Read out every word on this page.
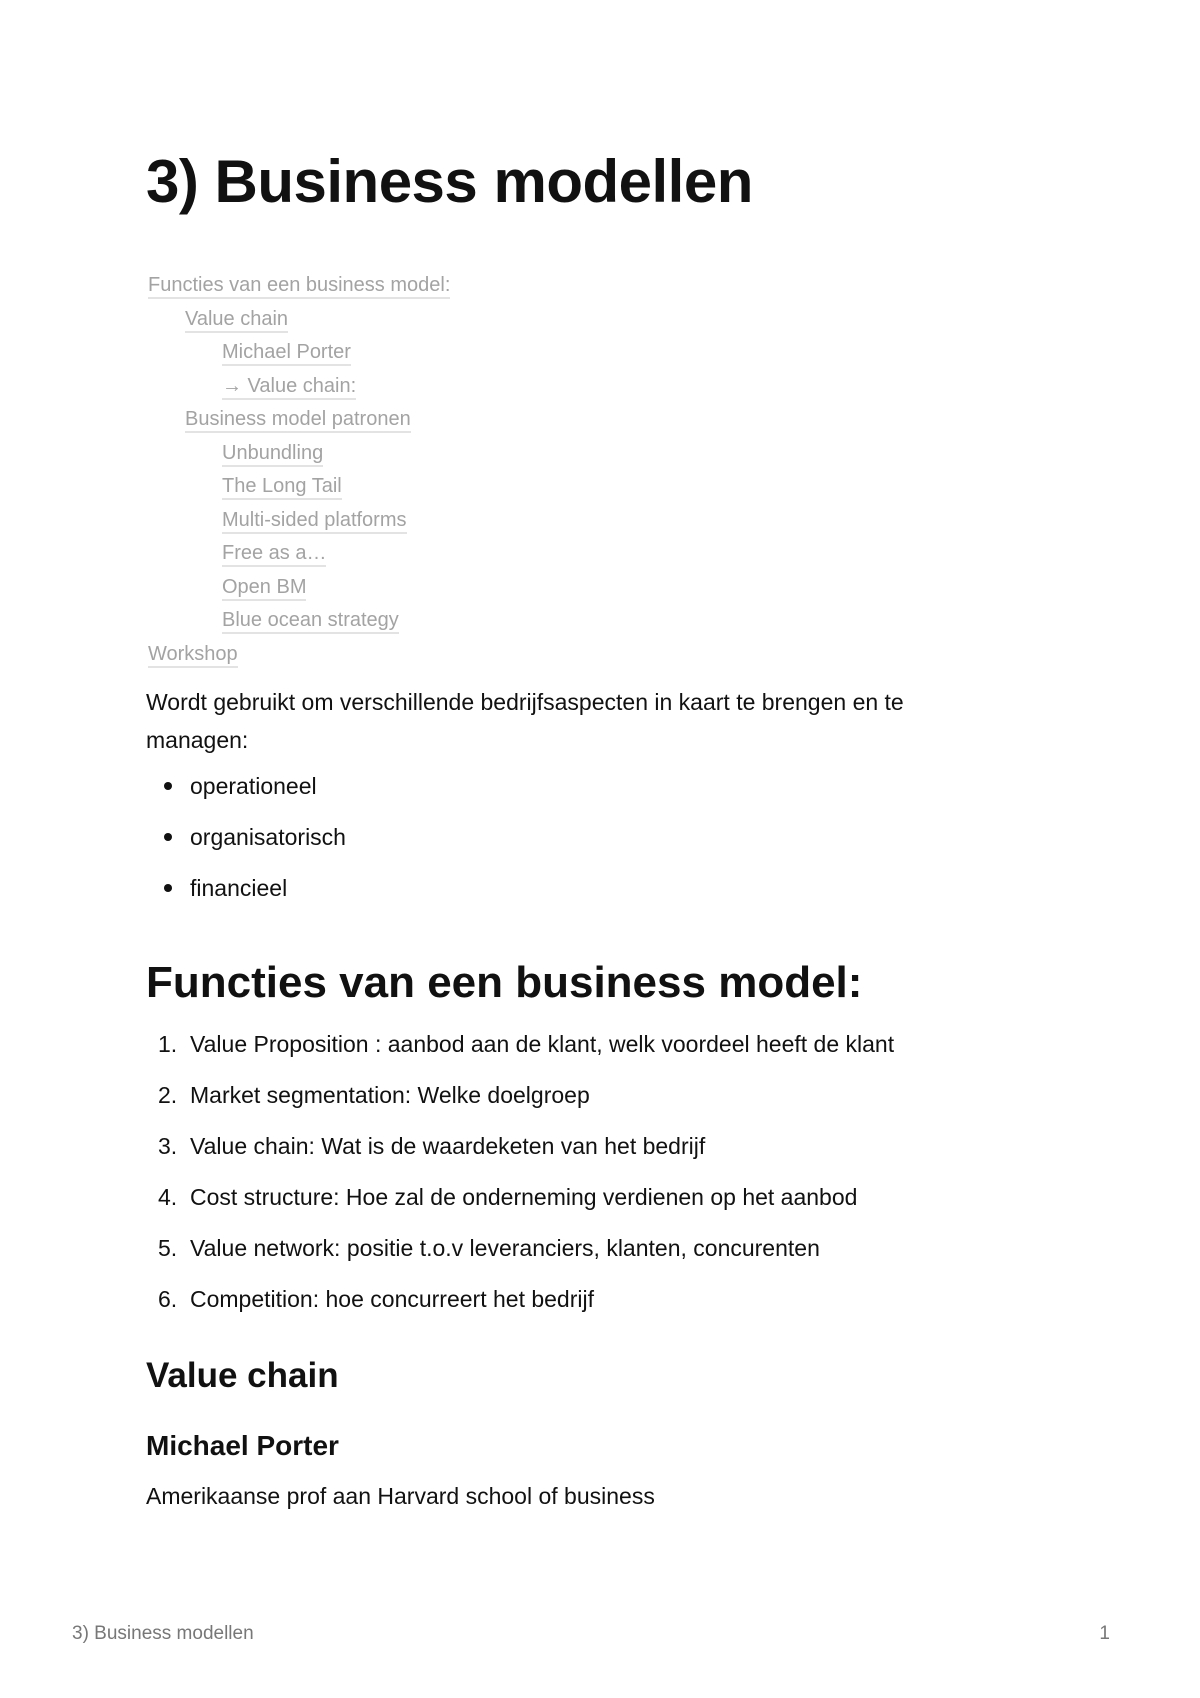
3) Business modellen
Functies van een business model:
Value chain
Michael Porter
→ Value chain:
Business model patronen
Unbundling
The Long Tail
Multi-sided platforms
Free as a…
Open BM
Blue ocean strategy
Workshop

Wordt gebruikt om verschillende bedrijfsaspecten in kaart te brengen en te managen:

operationeel
organisatorisch
financieel
Functies van een business model:
1. Value Proposition : aanbod aan de klant, welk voordeel heeft de klant
2. Market segmentation: Welke doelgroep
3. Value chain: Wat is de waardeketen van het bedrijf
4. Cost structure: Hoe zal de onderneming verdienen op het aanbod
5. Value network: positie t.o.v leveranciers, klanten, concurenten
6. Competition: hoe concurreert het bedrijf
Value chain
Michael Porter

Amerikaanse prof aan Harvard school of business

3) Business modellen	1
